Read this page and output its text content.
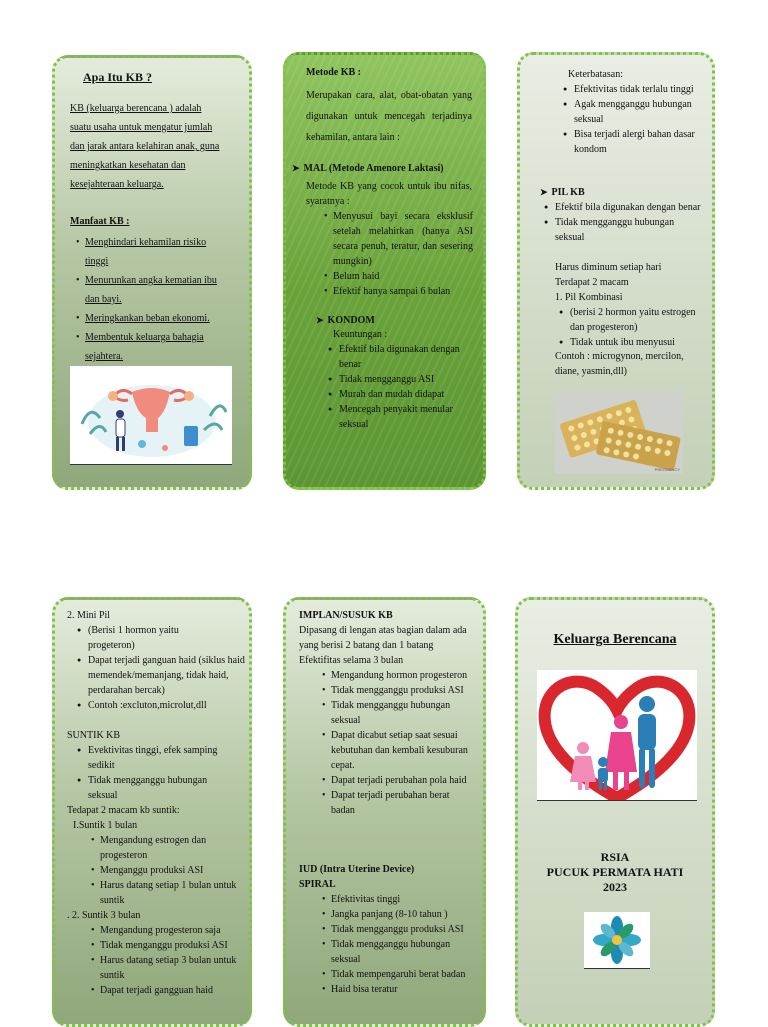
Apa Itu KB ?
KB (keluarga berencana ) adalah
suatu usaha untuk mengatur jumlah
dan jarak antara kelahiran anak, guna
meningkatkan kesehatan dan
kesejahteraan keluarga.
Manfaat KB :
• Menghindari kehamilan risiko
tinggi
• Menurunkan angka kematian ibu
dan bayi.
• Meringkankan beban ekonomi.
• Membentuk keluarga bahagia
sejahtera.
Metode KB :
Merupakan cara, alat, obat-obatan yang digunakan untuk mencegah terjadinya kehamilan, antara lain :
➤ MAL (Metode Amenore Laktasi)
Metode KB yang cocok untuk ibu nifas, syaratnya :
• Menyusui bayi secara eksklusif setelah melahirkan (hanya ASI secara penuh, teratur, dan sesering mungkin)
• Belum haid
• Efektif hanya sampai 6 bulan
➤ KONDOM
Keuntungan :
● Efektif bila digunakan dengan benar
● Tidak mengganggu ASI
● Murah dan mudah didapat
● Mencegah penyakit menular seksual
Keterbatasan:
● Efektivitas tidak terlalu tinggi
● Agak mengganggu hubungan seksual
● Bisa terjadi alergi bahan dasar kondom
➤ PIL KB
● Efektif bila digunakan dengan benar
● Tidak mengganggu hubungan seksual
Harus diminum setiap hari
Terdapat 2 macam
1. Pil Kombinasi
● (berisi 2 hormon yaitu estrogen dan progesteron)
● Tidak untuk ibu menyusui
Contoh : microgynon, mercilon, diane, yasmin,dll)
PREGNANCY
2. Mini Pil
● (Berisi 1 hormon yaitu progeteron)
● Dapat terjadi ganguan haid (siklus haid memendek/memanjang, tidak haid, perdarahan bercak)
● Contoh :excluton,microlut,dll
SUNTIK KB
● Evektivitas tinggi, efek samping sedikit
● Tidak mengganggu hubungan seksual
Tedapat 2 macam kb suntik:
I.Suntik 1 bulan
• Mengandung estrogen dan progesteron
• Menganggu produksi ASI
• Harus datang setiap 1 bulan untuk suntik
. 2. Suntik 3 bulan
• Mengandung progesteron saja
• Tidak menganggu produksi ASI
• Harus datang setiap 3 bulan untuk suntik
• Dapat terjadi gangguan haid
IMPLAN/SUSUK KB
Dipasang di lengan atas bagian dalam ada yang berisi 2 batang dan 1 batang
Efektifitas selama 3 bulan
• Mengandung hormon progesteron
• Tidak mengganggu produksi ASI
• Tidak mengganggu hubungan seksual
• Dapat dicabut setiap saat sesuai kebutuhan dan kembali kesuburan cepat.
• Dapat terjadi perubahan pola haid
• Dapat terjadi perubahan berat badan
IUD (Intra Uterine Device)
SPIRAL
• Efektivitas tinggi
• Jangka panjang (8-10 tahun )
• Tidak mengganggu produksi ASI
• Tidak mengganggu hubungan seksual
• Tidak mempengaruhi berat badan
• Haid bisa teratur
Keluarga Berencana
RSIA
PUCUK PERMATA HATI
2023
